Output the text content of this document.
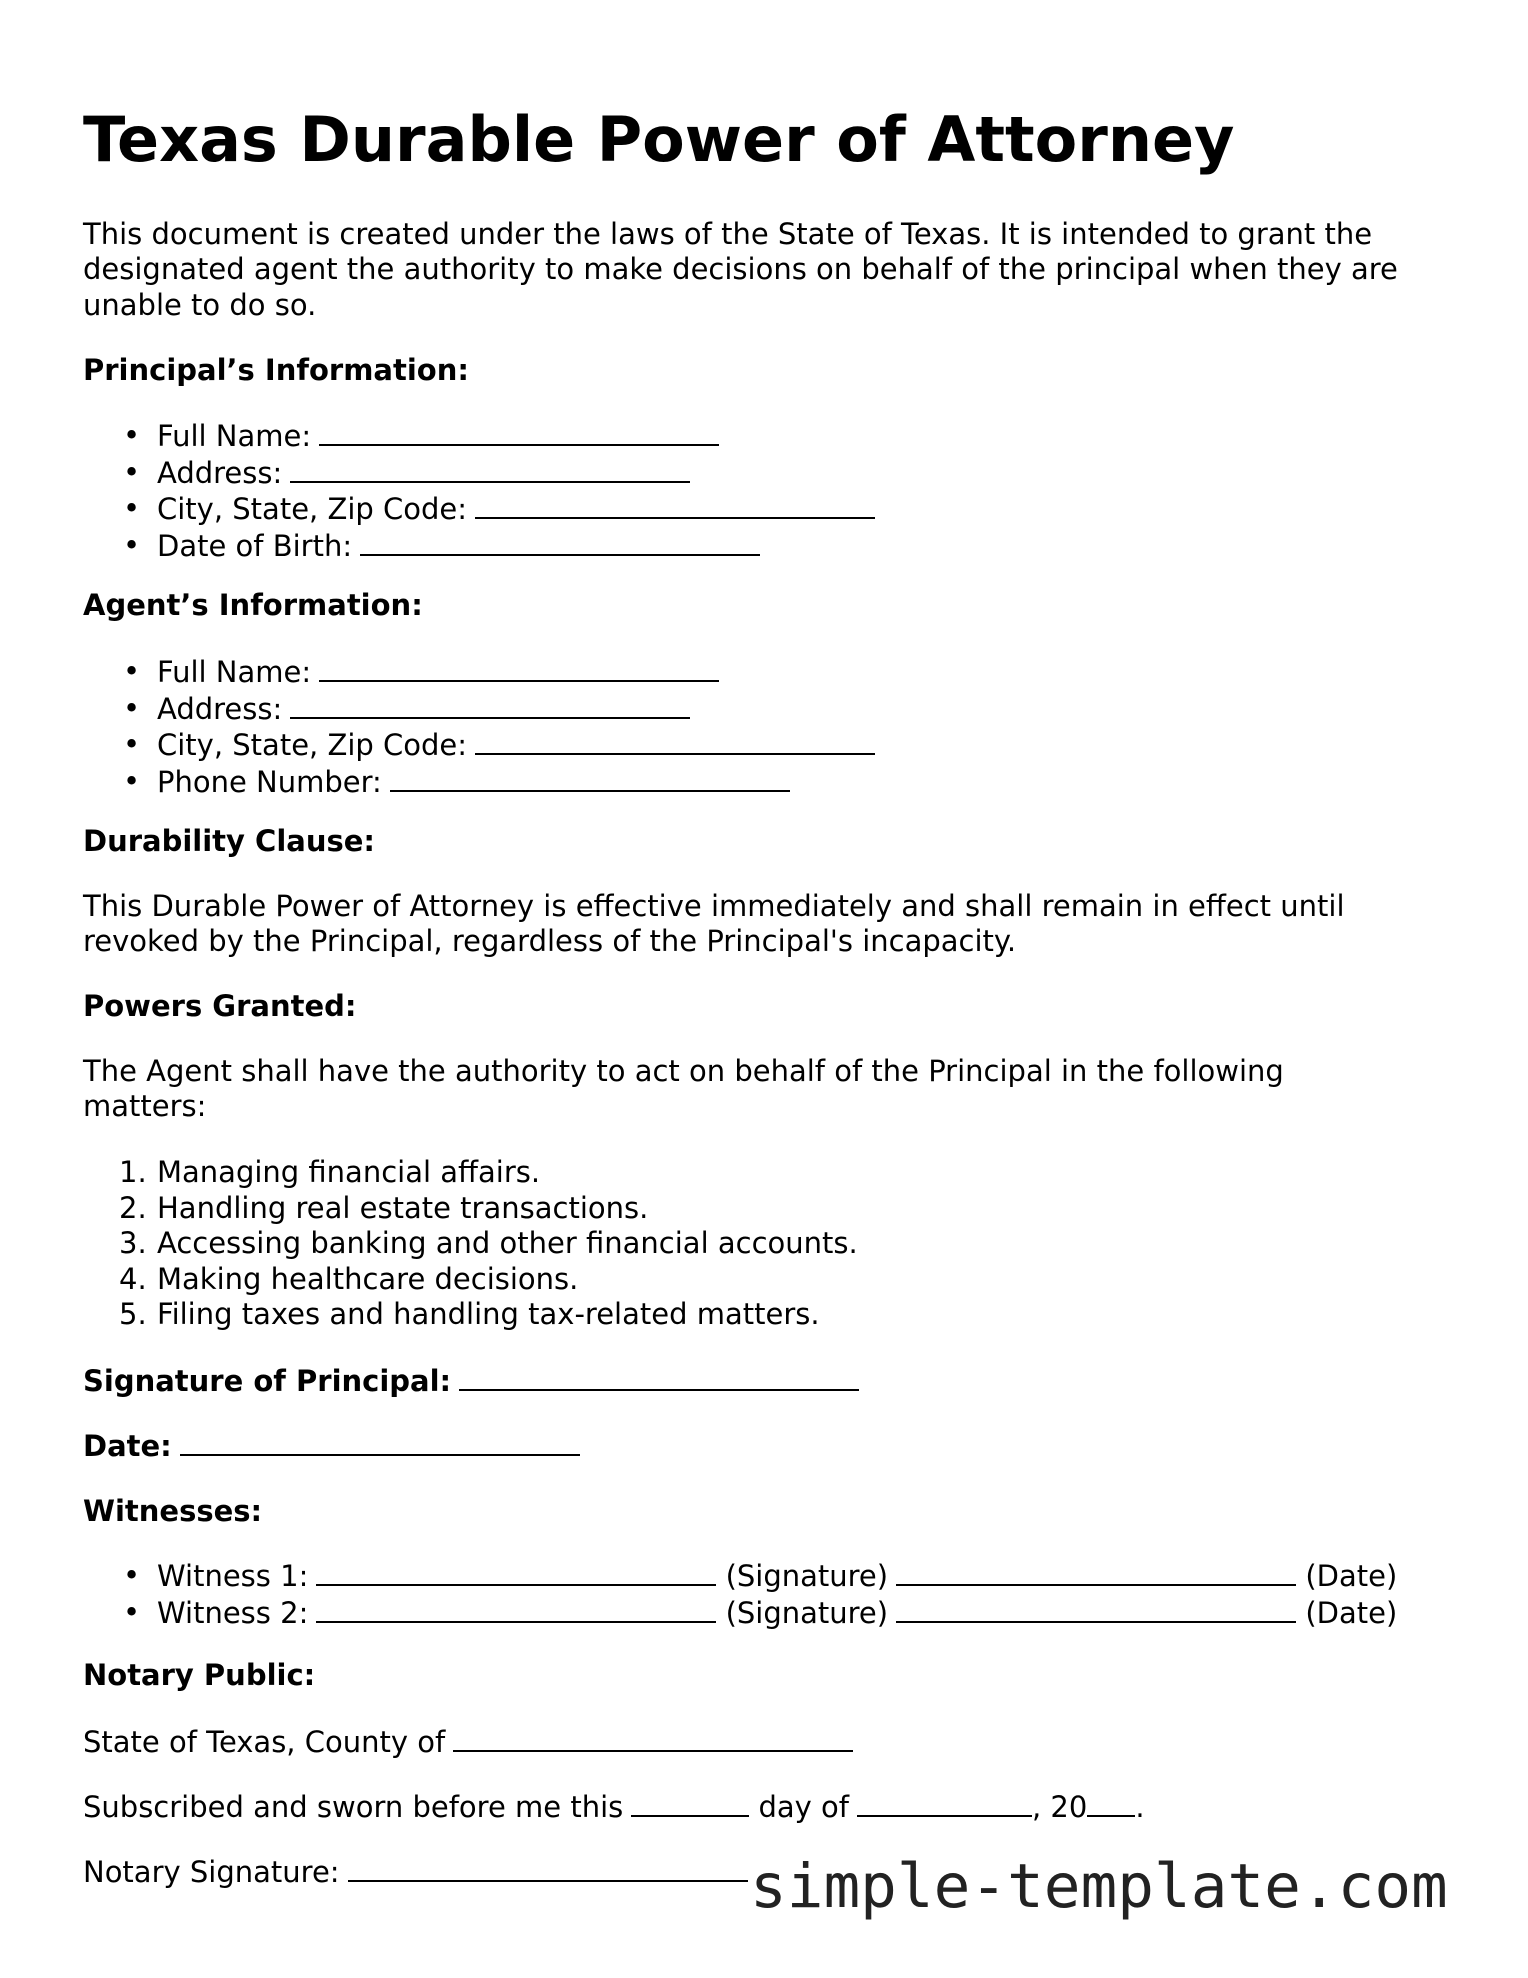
Texas Durable Power of Attorney

This document is created under the laws of the State of Texas. It is intended to grant the

designated agent the authority to make decisions on behalf of the principal when they are

unable to do so.

Principal’s Information:

• Full Name:
• Address:
• City, State, Zip Code:
• Date of Birth:

Agent’s Information:

• Full Name:
• Address:
• City, State, Zip Code:
• Phone Number:

Durability Clause:

This Durable Power of Attorney is effective immediately and shall remain in effect until

revoked by the Principal, regardless of the Principal's incapacity.

Powers Granted:

The Agent shall have the authority to act on behalf of the Principal in the following

matters:

1. Managing financial affairs.
2. Handling real estate transactions.
3. Accessing banking and other financial accounts.
4. Making healthcare decisions.
5. Filing taxes and handling tax-related matters.

Signature of Principal:

Date:

Witnesses:

• Witness 1:	(Signature)	(Date)
• Witness 2:	(Signature)	(Date)

Notary Public:

State of Texas, County of

Subscribed and sworn before me this	day of	, 20 .

Notary Signature:	simple-template.com
